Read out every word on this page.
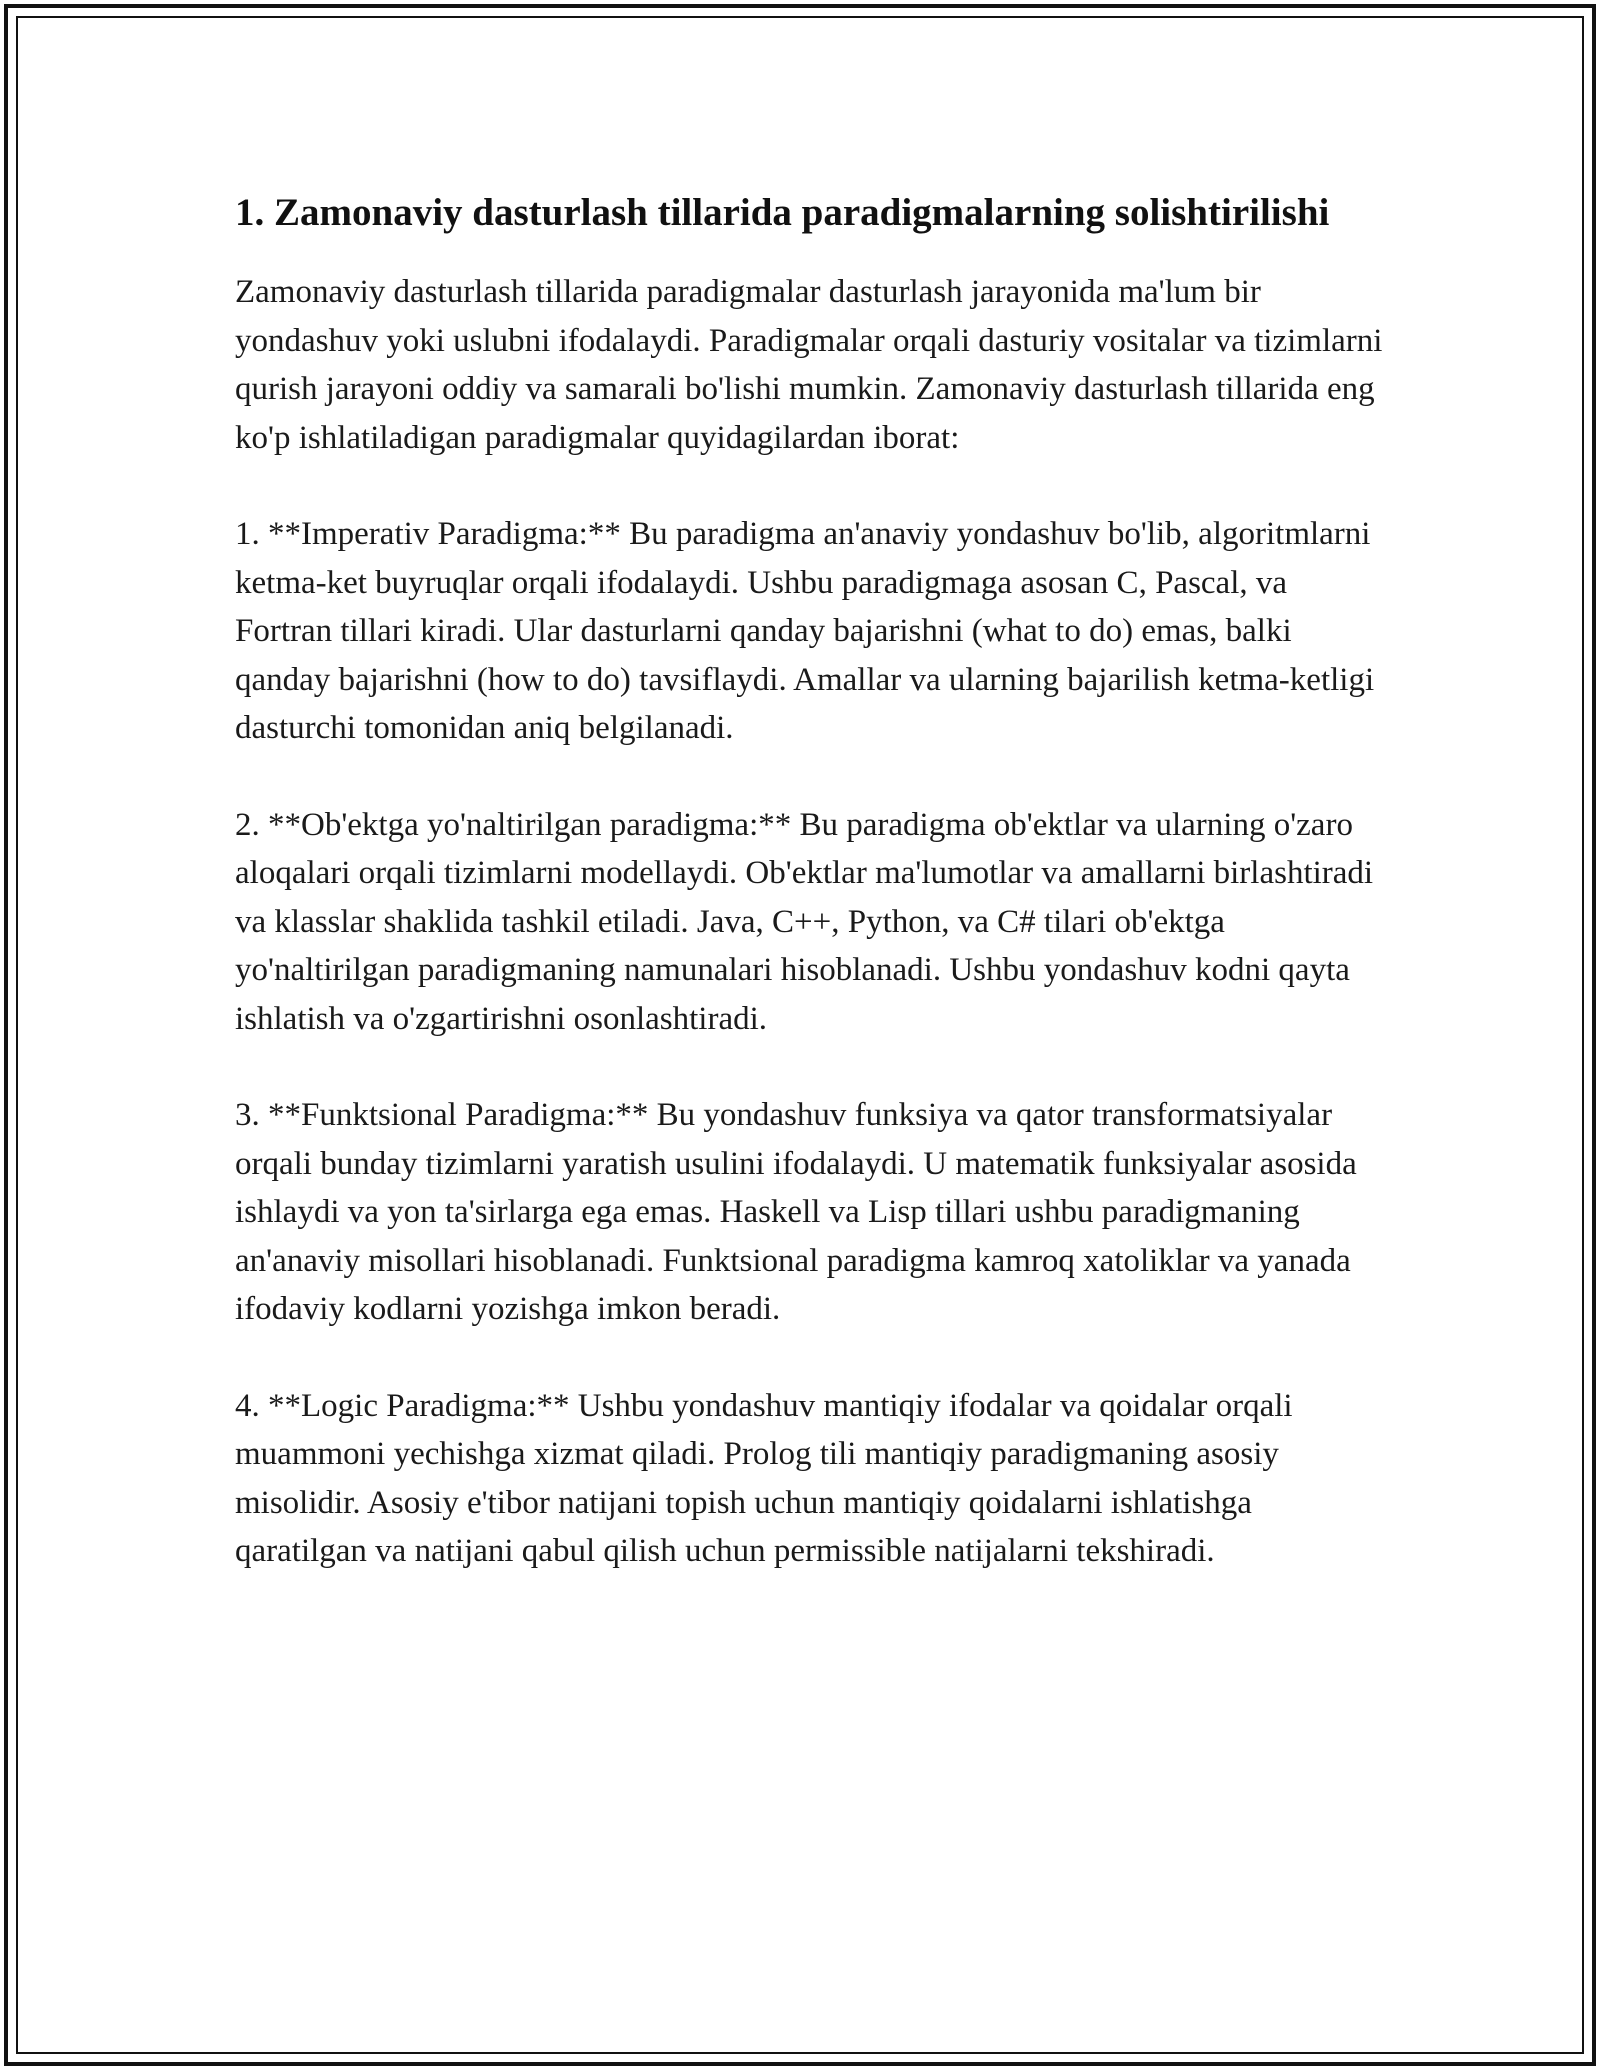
1. Zamonaviy dasturlash tillarida paradigmalarning solishtirilishi

Zamonaviy dasturlash tillarida paradigmalar dasturlash jarayonida ma'lum bir yondashuv yoki uslubni ifodalaydi. Paradigmalar orqali dasturiy vositalar va tizimlarni qurish jarayoni oddiy va samarali bo'lishi mumkin. Zamonaviy dasturlash tillarida eng ko'p ishlatiladigan paradigmalar quyidagilardan iborat:

1. **Imperativ Paradigma:** Bu paradigma an'anaviy yondashuv bo'lib, algoritmlarni ketma-ket buyruqlar orqali ifodalaydi. Ushbu paradigmaga asosan C, Pascal, va Fortran tillari kiradi. Ular dasturlarni qanday bajarishni (what to do) emas, balki qanday bajarishni (how to do) tavsiflaydi. Amallar va ularning bajarilish ketma-ketligi dasturchi tomonidan aniq belgilanadi.

2. **Ob'ektga yo'naltirilgan paradigma:** Bu paradigma ob'ektlar va ularning o'zaro aloqalari orqali tizimlarni modellaydi. Ob'ektlar ma'lumotlar va amallarni birlashtiradi va klasslar shaklida tashkil etiladi. Java, C++, Python, va C# tilari ob'ektga yo'naltirilgan paradigmaning namunalari hisoblanadi. Ushbu yondashuv kodni qayta ishlatish va o'zgartirishni osonlashtiradi.

3. **Funktsional Paradigma:** Bu yondashuv funksiya va qator transformatsiyalar orqali bunday tizimlarni yaratish usulini ifodalaydi. U matematik funksiyalar asosida ishlaydi va yon ta'sirlarga ega emas. Haskell va Lisp tillari ushbu paradigmaning an'anaviy misollari hisoblanadi. Funktsional paradigma kamroq xatoliklar va yanada ifodaviy kodlarni yozishga imkon beradi.

4. **Logic Paradigma:** Ushbu yondashuv mantiqiy ifodalar va qoidalar orqali muammoni yechishga xizmat qiladi. Prolog tili mantiqiy paradigmaning asosiy misolidir. Asosiy e'tibor natijani topish uchun mantiqiy qoidalarni ishlatishga qaratilgan va natijani qabul qilish uchun permissible natijalarni tekshiradi.
